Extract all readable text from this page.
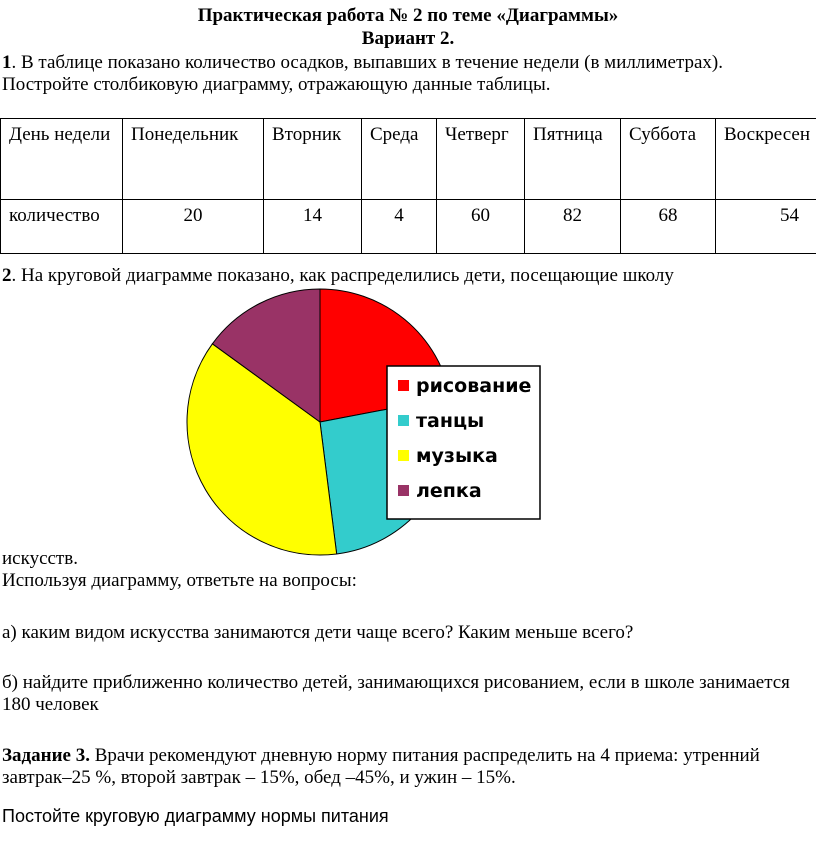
Практическая работа № 2 по теме «Диаграммы»
Вариант 2.
1. В таблице показано количество осадков, выпавших в течение недели (в миллиметрах). Постройте столбиковую диаграмму, отражающую данные таблицы.
День недели	Понедельник	Вторник	Среда	Четверг	Пятница	Суббота	Воскресен
количество	20	14	4	60	82	68	54
2. На круговой диаграмме показано, как распределились дети, посещающие школу
рисование
танцы
музыка
лепка
искусств.
Используя диаграмму, ответьте на вопросы:
а) каким видом искусства занимаются дети чаще всего? Каким меньше всего?
б) найдите приближенно количество детей, занимающихся рисованием, если в школе занимается 180 человек
Задание 3. Врачи рекомендуют дневную норму питания распределить на 4 приема: утренний завтрак–25 %, второй завтрак – 15%, обед –45%, и ужин – 15%.
Постойте круговую диаграмму нормы питания
